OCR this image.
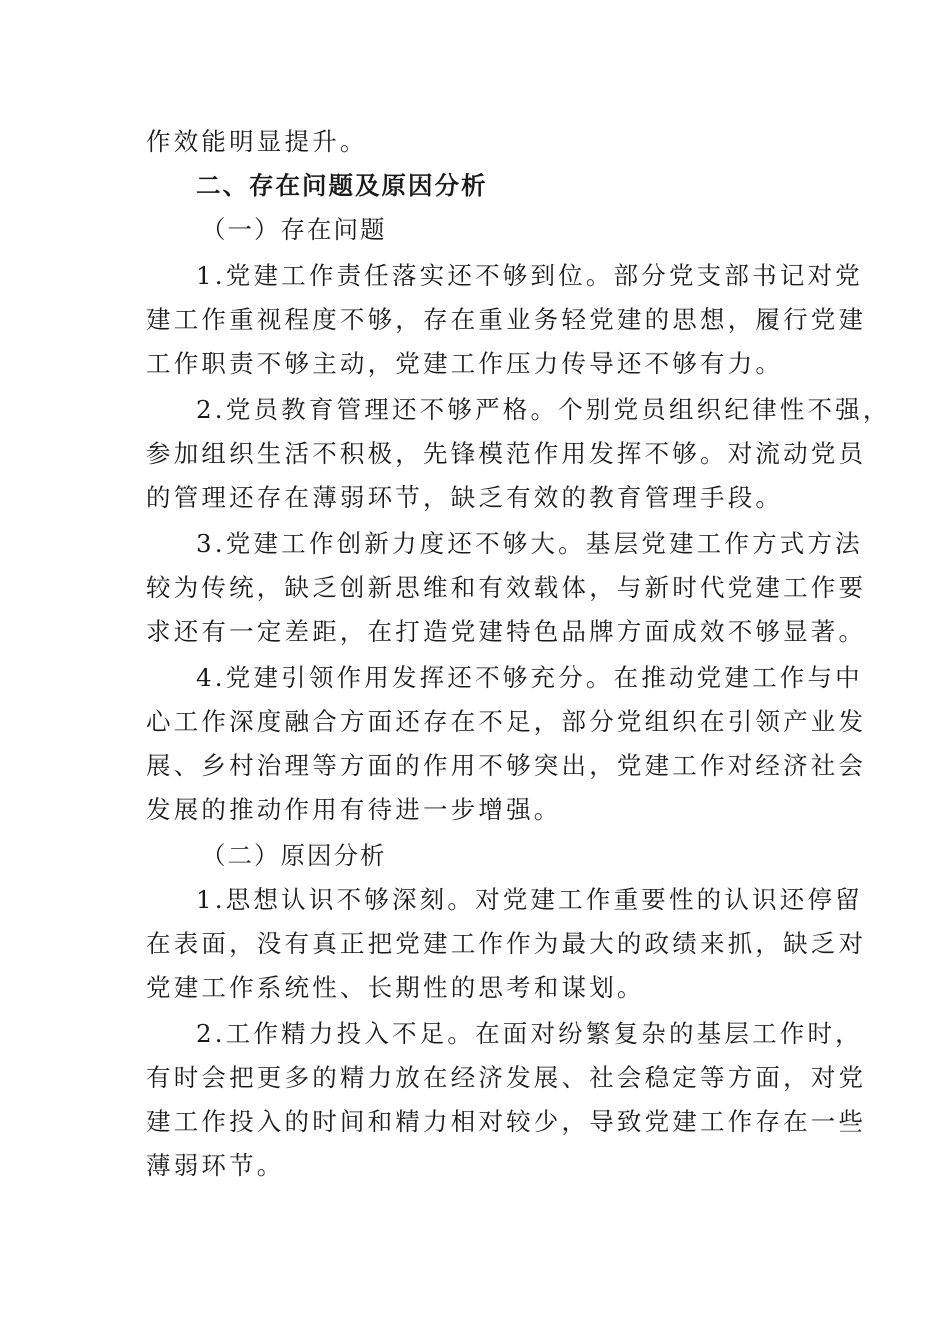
作效能明显提升。
二、存在问题及原因分析
（一）存在问题
1.党建工作责任落实还不够到位。部分党支部书记对党
建工作重视程度不够，存在重业务轻党建的思想，履行党建
工作职责不够主动，党建工作压力传导还不够有力。
2.党员教育管理还不够严格。个别党员组织纪律性不强，
参加组织生活不积极，先锋模范作用发挥不够。对流动党员
的管理还存在薄弱环节，缺乏有效的教育管理手段。
3.党建工作创新力度还不够大。基层党建工作方式方法
较为传统，缺乏创新思维和有效载体，与新时代党建工作要
求还有一定差距，在打造党建特色品牌方面成效不够显著。
4.党建引领作用发挥还不够充分。在推动党建工作与中
心工作深度融合方面还存在不足，部分党组织在引领产业发
展、乡村治理等方面的作用不够突出，党建工作对经济社会
发展的推动作用有待进一步增强。
（二）原因分析
1.思想认识不够深刻。对党建工作重要性的认识还停留
在表面，没有真正把党建工作作为最大的政绩来抓，缺乏对
党建工作系统性、长期性的思考和谋划。
2.工作精力投入不足。在面对纷繁复杂的基层工作时，
有时会把更多的精力放在经济发展、社会稳定等方面，对党
建工作投入的时间和精力相对较少，导致党建工作存在一些
薄弱环节。
